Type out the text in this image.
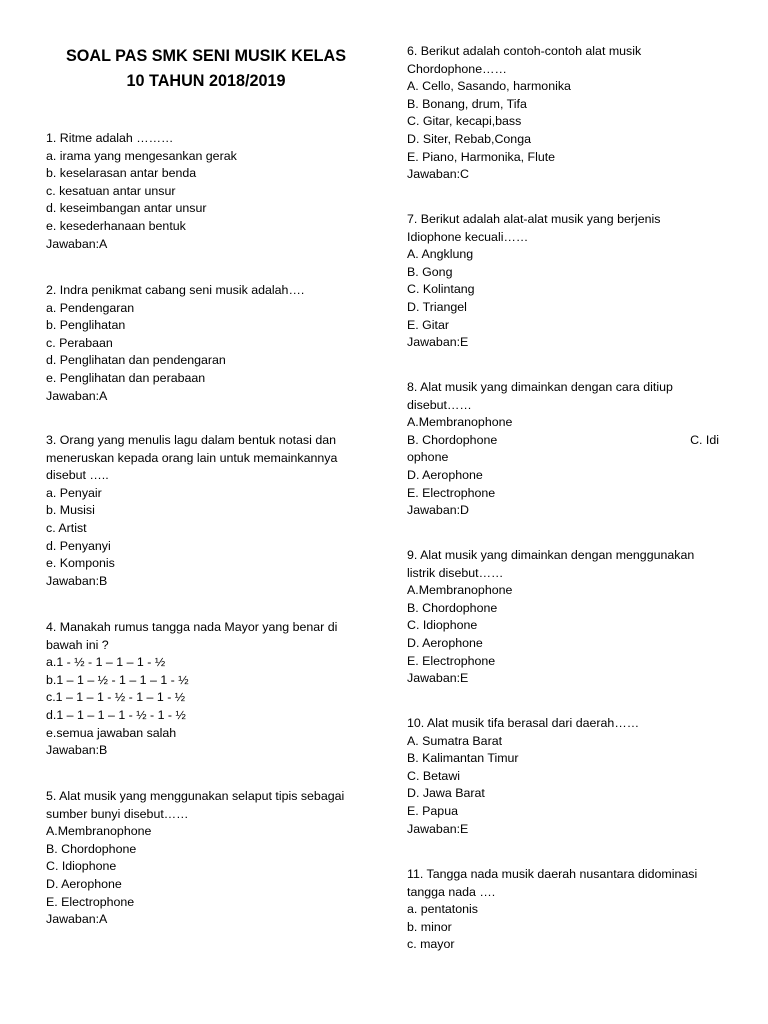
SOAL PAS SMK SENI MUSIK KELAS
10 TAHUN 2018/2019
1. Ritme adalah ………
a. irama yang mengesankan gerak
b. keselarasan antar benda
c. kesatuan antar unsur
d. keseimbangan antar unsur
e. kesederhanaan bentuk
Jawaban:A
2. Indra penikmat cabang seni musik adalah….
a. Pendengaran
b. Penglihatan
c. Perabaan
d. Penglihatan dan pendengaran
e. Penglihatan dan perabaan
Jawaban:A
3. Orang yang menulis lagu dalam bentuk notasi dan
meneruskan kepada orang lain untuk memainkannya
disebut …..
a. Penyair
b. Musisi
c. Artist
d. Penyanyi
e. Komponis
Jawaban:B
4. Manakah rumus tangga nada Mayor yang benar di
bawah ini ?
a.1 - ½ - 1 – 1 – 1 - ½
b.1 – 1 – ½ - 1 – 1 – 1 - ½
c.1 – 1 – 1 - ½ - 1 – 1 - ½
d.1 – 1 – 1 – 1 - ½ - 1 - ½
e.semua jawaban salah
Jawaban:B
5. Alat musik yang menggunakan selaput tipis sebagai
sumber bunyi disebut……
A.Membranophone
B. Chordophone
C. Idiophone
D. Aerophone
E. Electrophone
Jawaban:A
6. Berikut adalah contoh-contoh alat musik
Chordophone……
A. Cello, Sasando, harmonika
B. Bonang, drum, Tifa
C. Gitar, kecapi,bass
D. Siter, Rebab,Conga
E. Piano, Harmonika, Flute
Jawaban:C
7. Berikut adalah alat-alat musik yang berjenis
Idiophone kecuali……
A. Angklung
B. Gong
C. Kolintang
D. Triangel
E. Gitar
Jawaban:E
8. Alat musik yang dimainkan dengan cara ditiup
disebut……
A.Membranophone
B. Chordophone	C. Idi
ophone
D. Aerophone
E. Electrophone
Jawaban:D
9. Alat musik yang dimainkan dengan menggunakan
listrik disebut……
A.Membranophone
B. Chordophone
C. Idiophone
D. Aerophone
E. Electrophone
Jawaban:E
10. Alat musik tifa berasal dari daerah……
A. Sumatra Barat
B. Kalimantan Timur
C. Betawi
D. Jawa Barat
E. Papua
Jawaban:E
11. Tangga nada musik daerah nusantara didominasi
tangga nada ….
a. pentatonis
b. minor
c. mayor
